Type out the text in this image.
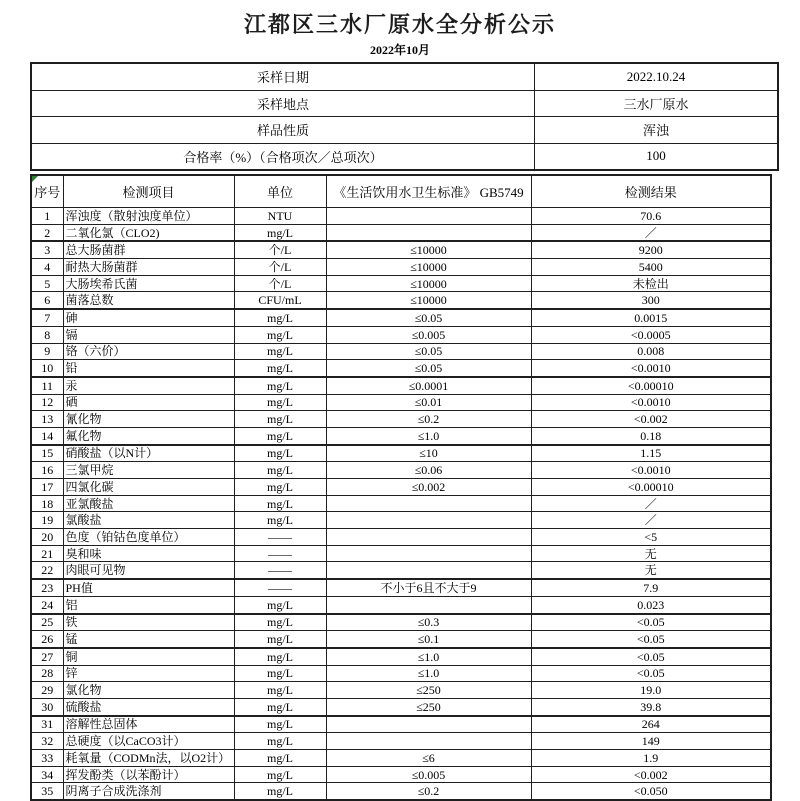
江都区三水厂原水全分析公示
2022年10月
采样日期	2022.10.24
采样地点	三水厂原水
样品性质	浑浊
合格率（%）（合格项次／总项次）	100
序号	检测项目	单位	《生活饮用水卫生标准》 GB5749	检测结果
1	浑浊度（散射浊度单位）	NTU		70.6
2	二氧化氯（CLO2)	mg/L		／
3	总大肠菌群	个/L	≤10000	9200
4	耐热大肠菌群	个/L	≤10000	5400
5	大肠埃希氏菌	个/L	≤10000	未检出
6	菌落总数	CFU/mL	≤10000	300
7	砷	mg/L	≤0.05	0.0015
8	镉	mg/L	≤0.005	<0.0005
9	铬（六价）	mg/L	≤0.05	0.008
10	铅	mg/L	≤0.05	<0.0010
11	汞	mg/L	≤0.0001	<0.00010
12	硒	mg/L	≤0.01	<0.0010
13	氰化物	mg/L	≤0.2	<0.002
14	氟化物	mg/L	≤1.0	0.18
15	硝酸盐（以N计）	mg/L	≤10	1.15
16	三氯甲烷	mg/L	≤0.06	<0.0010
17	四氯化碳	mg/L	≤0.002	<0.00010
18	亚氯酸盐	mg/L		／
19	氯酸盐	mg/L		／
20	色度（铂钴色度单位）	——		<5
21	臭和味	——		无
22	肉眼可见物	——		无
23	PH值	——	不小于6且不大于9	7.9
24	铝	mg/L		0.023
25	铁	mg/L	≤0.3	<0.05
26	锰	mg/L	≤0.1	<0.05
27	铜	mg/L	≤1.0	<0.05
28	锌	mg/L	≤1.0	<0.05
29	氯化物	mg/L	≤250	19.0
30	硫酸盐	mg/L	≤250	39.8
31	溶解性总固体	mg/L		264
32	总硬度（以CaCO3计）	mg/L		149
33	耗氧量（CODMn法，以O2计）	mg/L	≤6	1.9
34	挥发酚类（以苯酚计）	mg/L	≤0.005	<0.002
35	阴离子合成洗涤剂	mg/L	≤0.2	<0.050
